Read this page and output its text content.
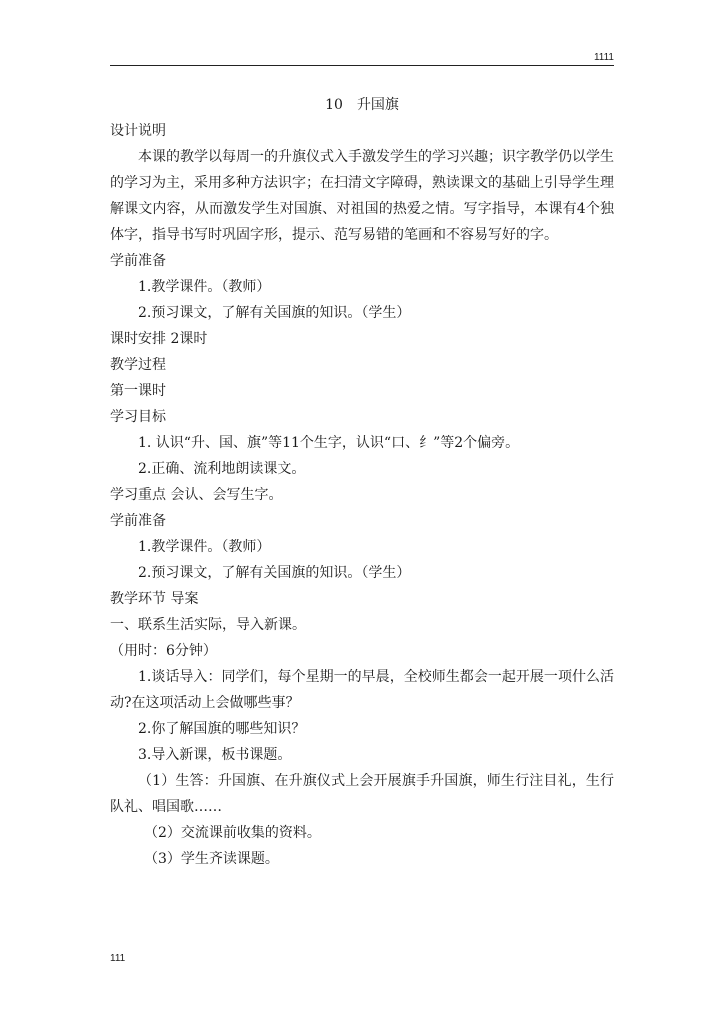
1111

10 升国旗

设计说明

本课的教学以每周一的升旗仪式入手激发学生的学习兴趣；识字教学仍以学生的学习为主，采用多种方法识字；在扫清文字障碍，熟读课文的基础上引导学生理解课文内容，从而激发学生对国旗、对祖国的热爱之情。写字指导，本课有4个独体字，指导书写时巩固字形，提示、范写易错的笔画和不容易写好的字。

学前准备

1.教学课件。（教师）

2.预习课文，了解有关国旗的知识。（学生）

课时安排 2课时

教学过程

第一课时

学习目标

1. 认识“升、国、旗”等11个生字，认识“口、纟”等2个偏旁。

2.正确、流利地朗读课文。

学习重点 会认、会写生字。

学前准备

1.教学课件。（教师）

2.预习课文，了解有关国旗的知识。（学生）

教学环节 导案

一、联系生活实际，导入新课。

（用时：6分钟）

1.谈话导入：同学们，每个星期一的早晨，全校师生都会一起开展一项什么活动?在这项活动上会做哪些事？

2.你了解国旗的哪些知识？

3.导入新课，板书课题。

（1）生答：升国旗、在升旗仪式上会开展旗手升国旗，师生行注目礼，生行队礼、唱国歌……

（2）交流课前收集的资料。

（3）学生齐读课题。

111
